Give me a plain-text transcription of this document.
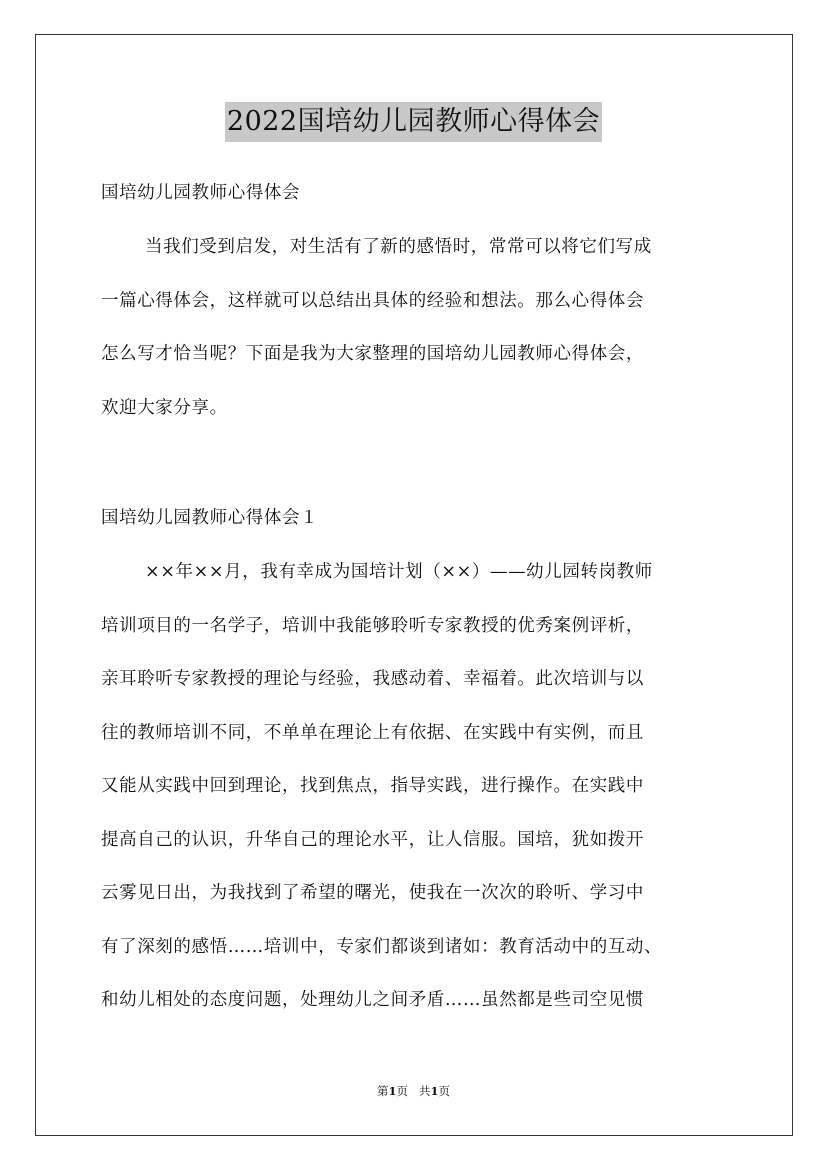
2022国培幼儿园教师心得体会
国培幼儿园教师心得体会
当我们受到启发，对生活有了新的感悟时，常常可以将它们写成
一篇心得体会，这样就可以总结出具体的经验和想法。那么心得体会
怎么写才恰当呢？下面是我为大家整理的国培幼儿园教师心得体会，
欢迎大家分享。
国培幼儿园教师心得体会１
××年××月，我有幸成为国培计划（××）——幼儿园转岗教师
培训项目的一名学子，培训中我能够聆听专家教授的优秀案例评析，
亲耳聆听专家教授的理论与经验，我感动着、幸福着。此次培训与以
往的教师培训不同，不单单在理论上有依据、在实践中有实例，而且
又能从实践中回到理论，找到焦点，指导实践，进行操作。在实践中
提高自己的认识，升华自己的理论水平，让人信服。国培，犹如拨开
云雾见日出，为我找到了希望的曙光，使我在一次次的聆听、学习中
有了深刻的感悟……培训中，专家们都谈到诸如：教育活动中的互动、
和幼儿相处的态度问题，处理幼儿之间矛盾……虽然都是些司空见惯
第1页 共1页
